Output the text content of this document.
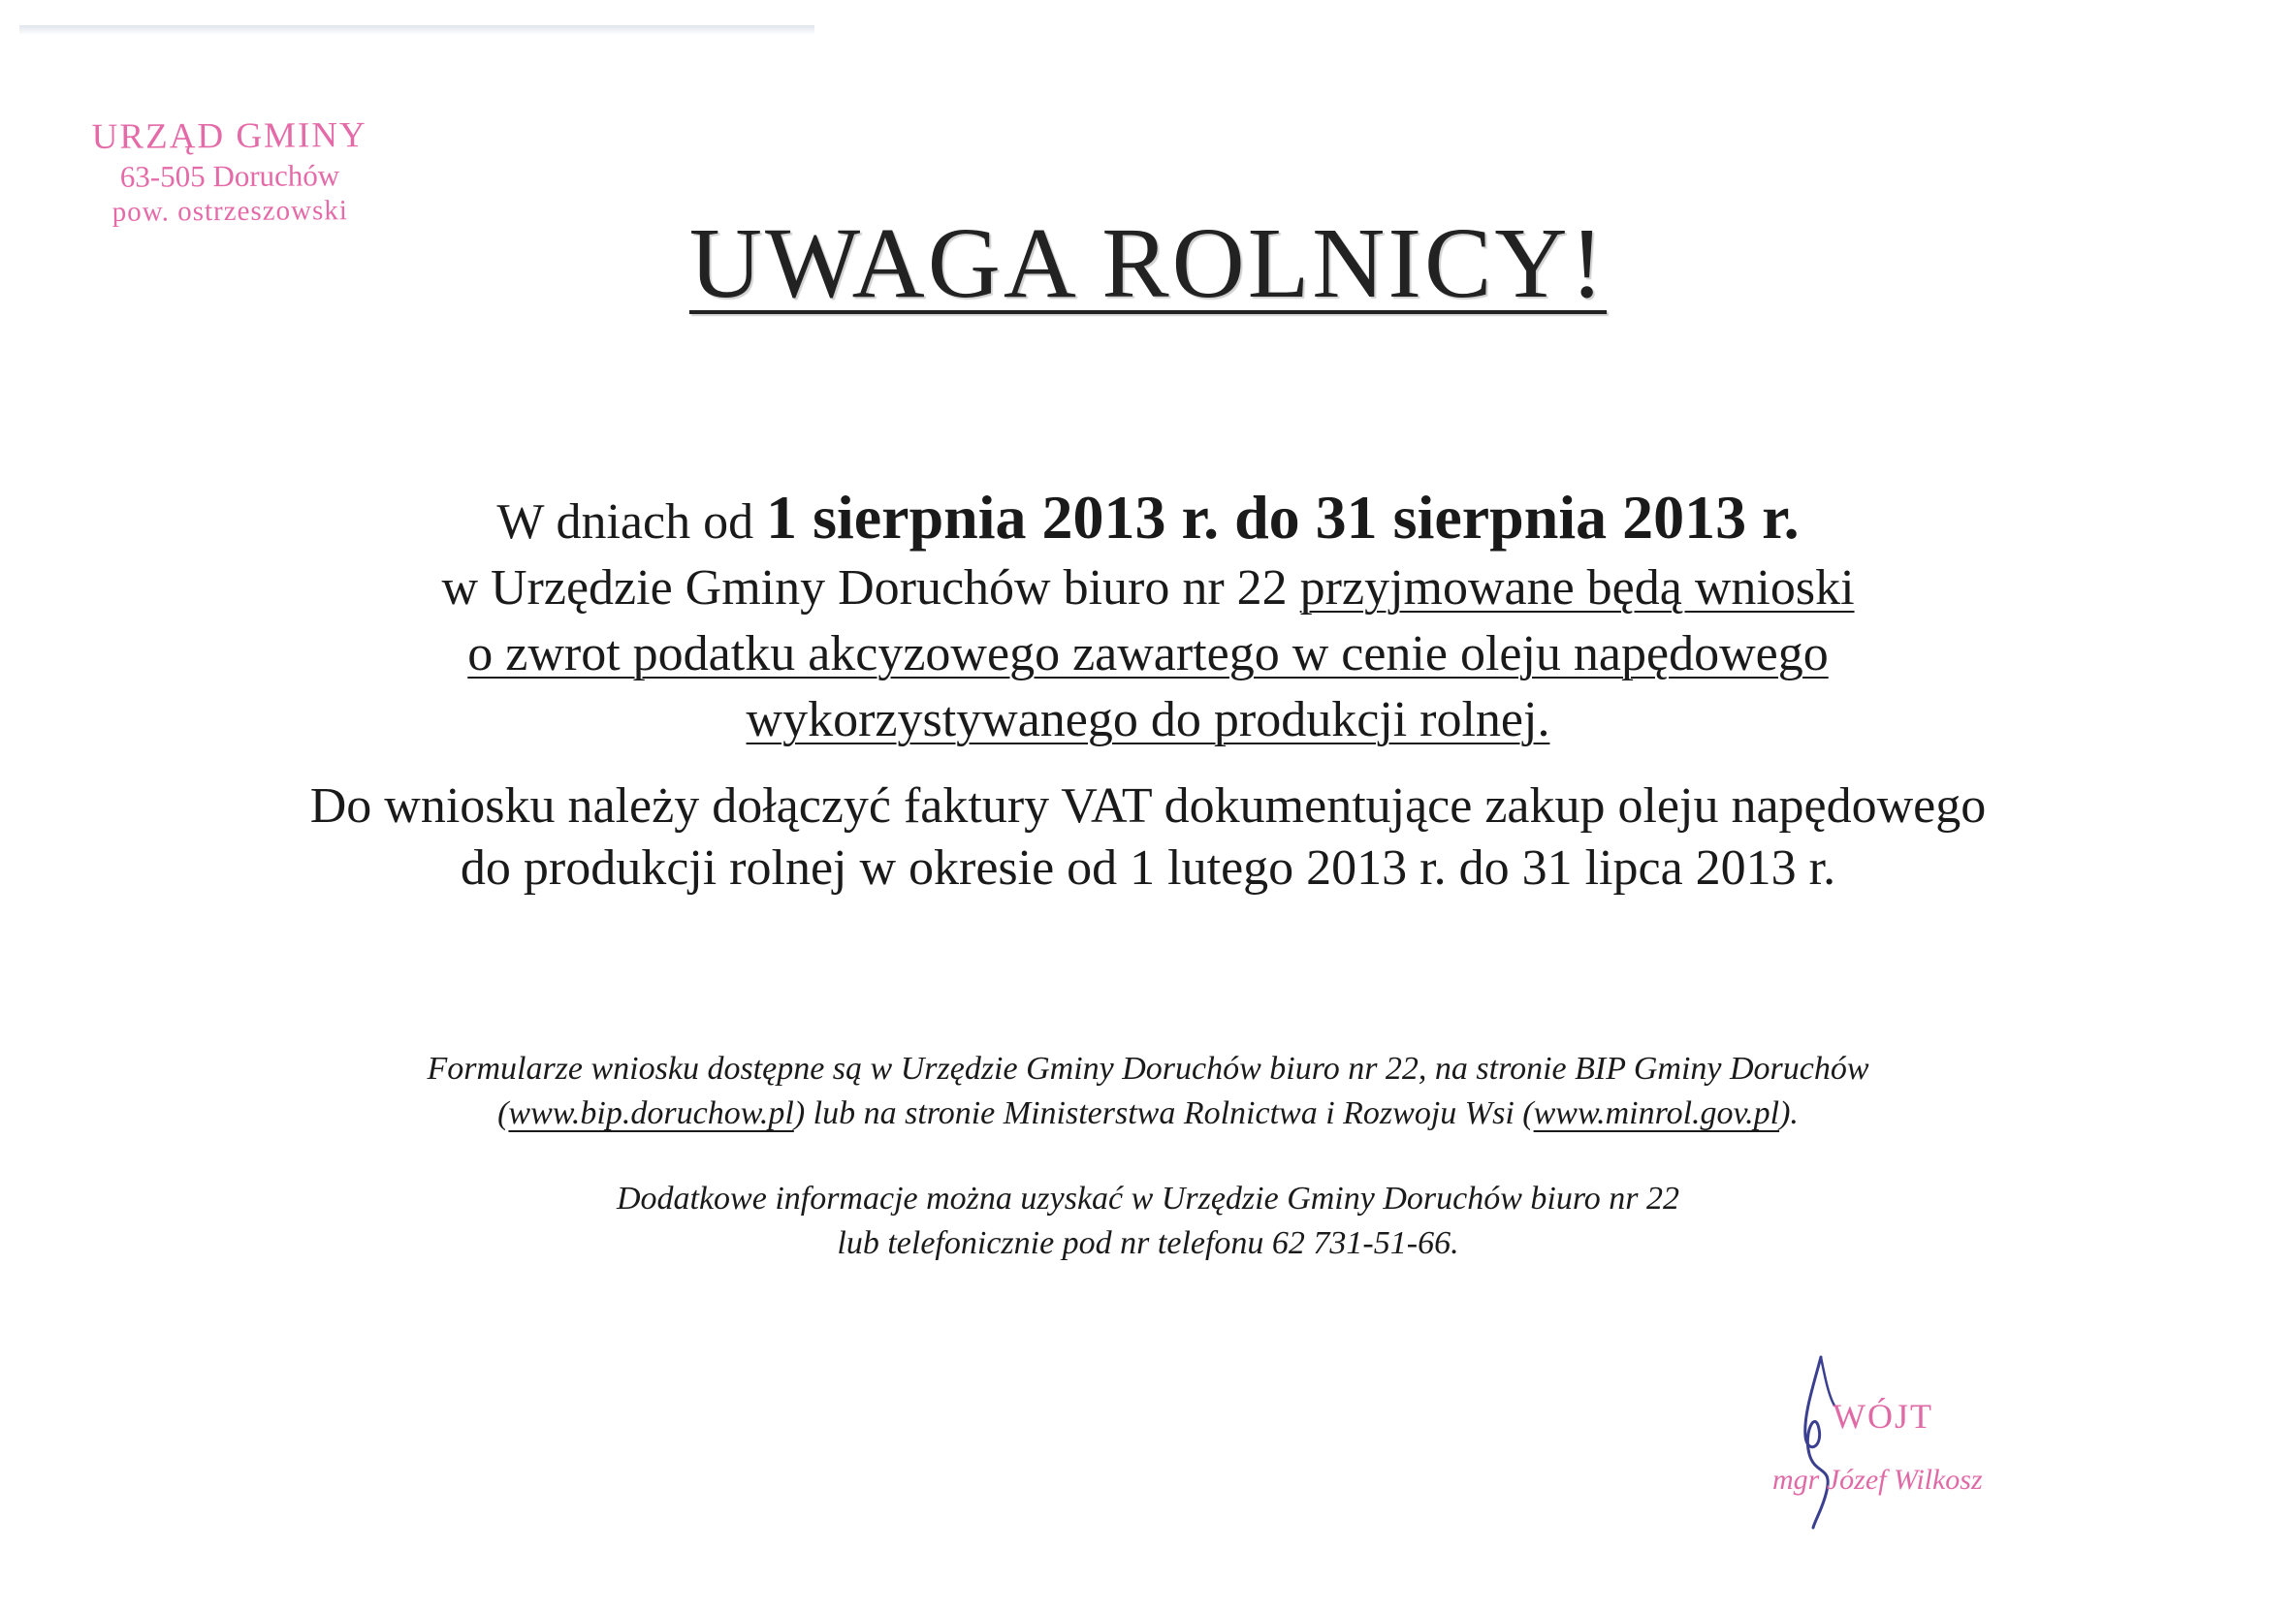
URZĄD GMINY
63-505 Doruchów
pow. ostrzeszowski	UWAGA ROLNICY!
W dniach od 1 sierpnia 2013 r. do 31 sierpnia 2013 r.
w Urzędzie Gminy Doruchów biuro nr 22 przyjmowane będą wnioski
o zwrot podatku akcyzowego zawartego w cenie oleju napędowego
wykorzystywanego do produkcji rolnej.
Do wniosku należy dołączyć faktury VAT dokumentujące zakup oleju napędowego
do produkcji rolnej w okresie od 1 lutego 2013 r. do 31 lipca 2013 r.
Formularze wniosku dostępne są w Urzędzie Gminy Doruchów biuro nr 22, na stronie BIP Gminy Doruchów
(www.bip.doruchow.pl) lub na stronie Ministerstwa Rolnictwa i Rozwoju Wsi (www.minrol.gov.pl).
Dodatkowe informacje można uzyskać w Urzędzie Gminy Doruchów biuro nr 22
lub telefonicznie pod nr telefonu 62 731-51-66.
WÓJT
mgr Józef Wilkosz
